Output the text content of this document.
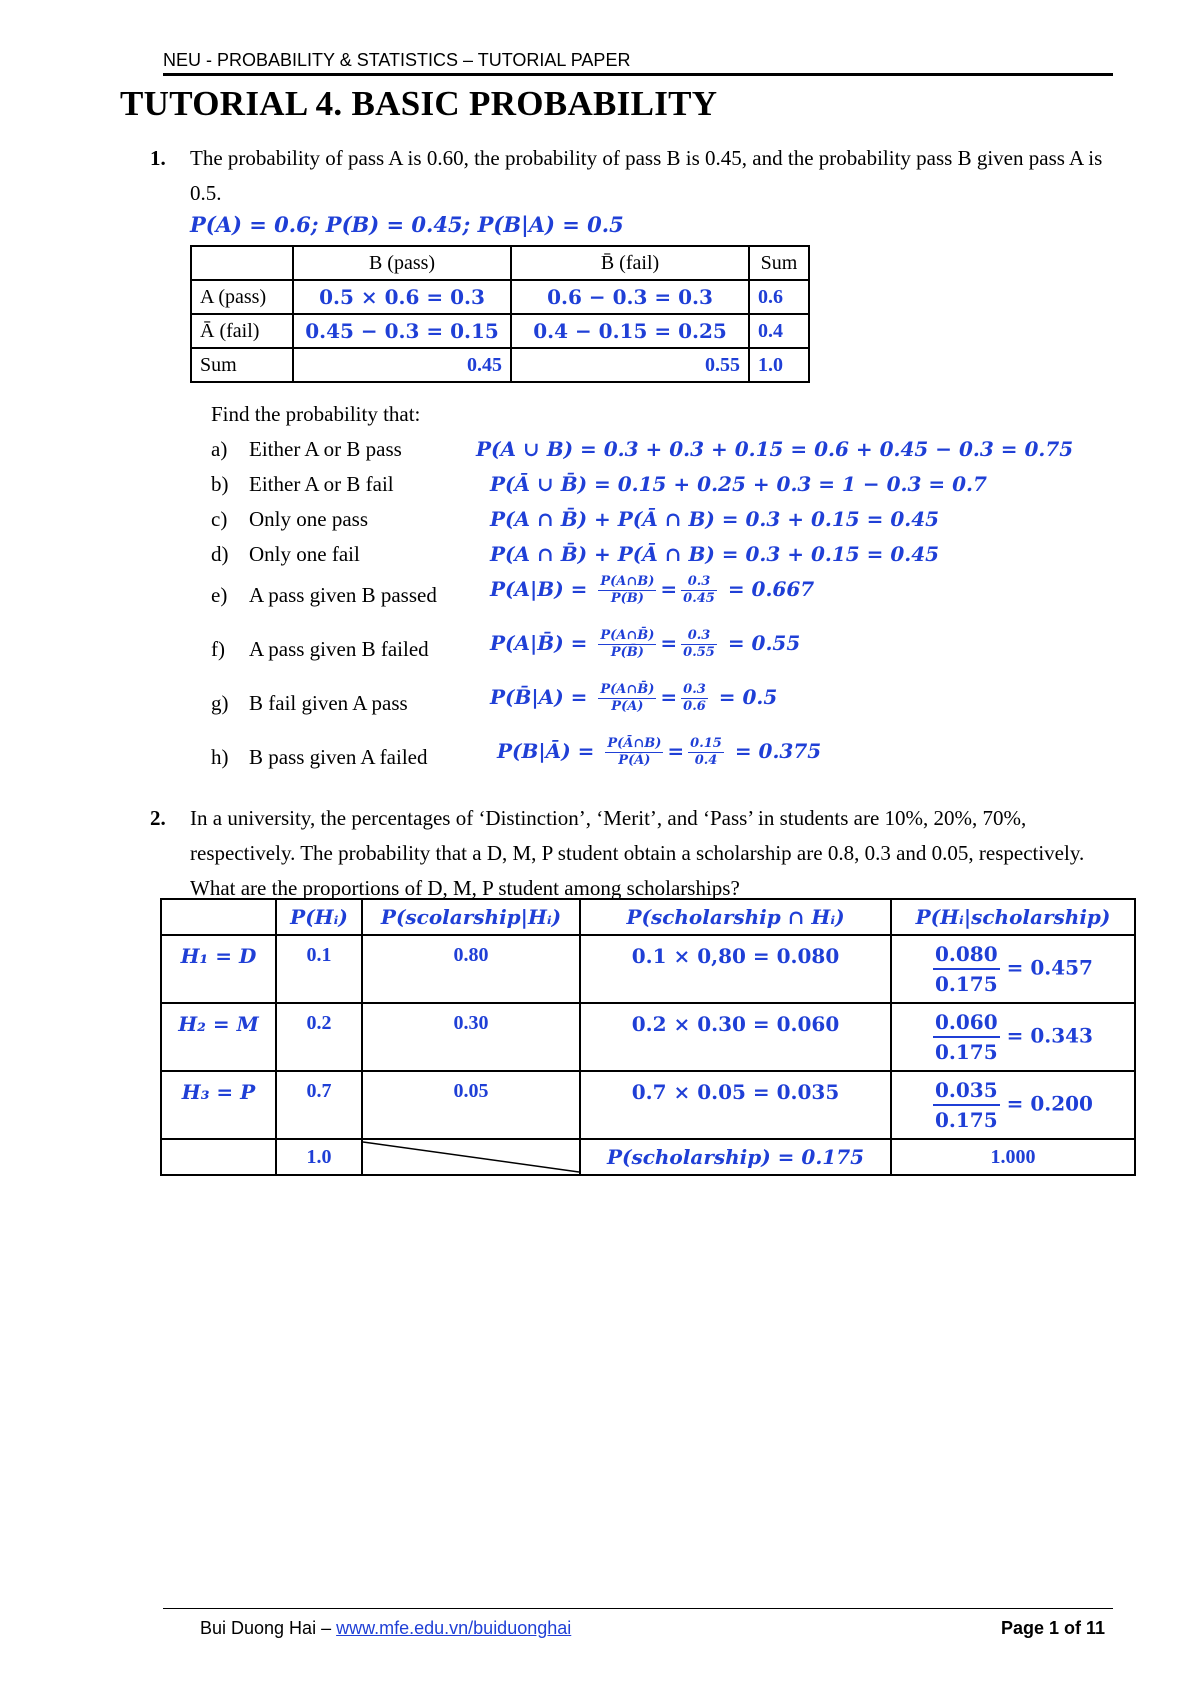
NEU - PROBABILITY & STATISTICS – TUTORIAL PAPER
TUTORIAL 4. BASIC PROBABILITY
1. The probability of pass A is 0.60, the probability of pass B is 0.45, and the probability pass B given pass A is 0.5.
P(A) = 0.6; P(B) = 0.45; P(B|A) = 0.5
	B (pass)	B̄ (fail)	Sum
A (pass)	0.5 × 0.6 = 0.3	0.6 − 0.3 = 0.3	0.6
Ā (fail)	0.45 − 0.3 = 0.15	0.4 − 0.15 = 0.25	0.4
Sum	0.45	0.55	1.0
Find the probability that:
a) Either A or B pass	P(A ∪ B) = 0.3 + 0.3 + 0.15 = 0.6 + 0.45 − 0.3 = 0.75
b) Either A or B fail	P(Ā ∪ B̄) = 0.15 + 0.25 + 0.3 = 1 − 0.3 = 0.7
c) Only one pass	P(A ∩ B̄) + P(Ā ∩ B) = 0.3 + 0.15 = 0.45
d) Only one fail	P(A ∩ B̄) + P(Ā ∩ B) = 0.3 + 0.15 = 0.45
e) A pass given B passed	$P(A|B) = \frac{P(A\cap B)}{P(B)} = \frac{0.3}{0.45} = 0.667$
f) A pass given B failed	P(A|B̄) = $\frac{P(A\cap B̄)}{P(B̄)} = \frac{0.3}{0.55} = 0.55$
g) B fail given A pass	P(B̄|A) = $\frac{P(A\cap B̄)}{P(A)} = \frac{0.3}{0.6} = 0.5$
h) B pass given A failed	P(B|Ā) = $\frac{P(Ā\cap B)}{P(Ā)} = \frac{0.15}{0.4} = 0.375$
2. In a university, the percentages of ‘Distinction’, ‘Merit’, and ‘Pass’ in students are 10%, 20%, 70%, respectively. The probability that a D, M, P student obtain a scholarship are 0.8, 0.3 and 0.05, respectively. What are the proportions of D, M, P student among scholarships?
	P(Hᵢ)	P(scolarship|Hᵢ)	P(scholarship ∩ Hᵢ)	P(Hᵢ|scholarship)
H₁ = D	0.1	0.80	0.1 × 0,80 = 0.080	$\frac{0.080}{0.175} = 0.457$
H₂ = M	0.2	0.30	0.2 × 0.30 = 0.060	$\frac{0.060}{0.175} = 0.343$
H₃ = P	0.7	0.05	0.7 × 0.05 = 0.035	$\frac{0.035}{0.175} = 0.200$
	1.0		P(scholarship) = 0.175	1.000
Bui Duong Hai – www.mfe.edu.vn/buiduonghai	Page 1 of 11
